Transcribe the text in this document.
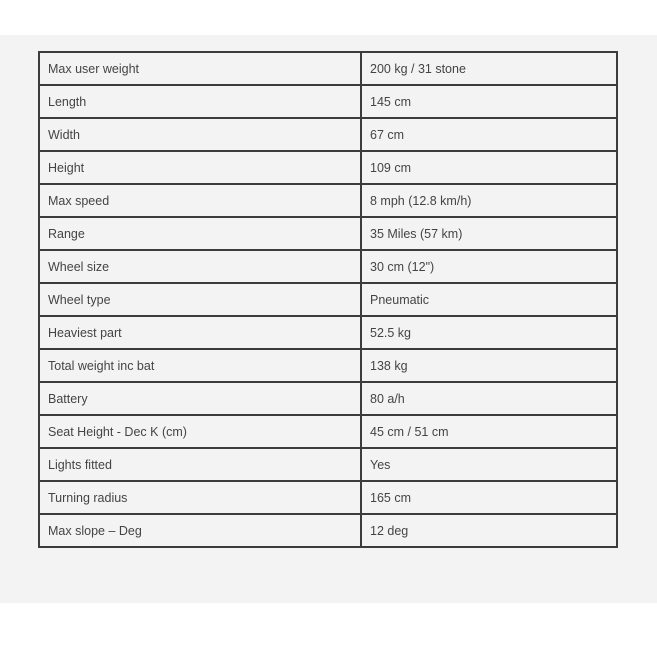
Max user weight	200 kg / 31 stone
Length	145 cm
Width	67 cm
Height	109 cm
Max speed	8 mph (12.8 km/h)
Range	35 Miles (57 km)
Wheel size	30 cm (12")
Wheel type	Pneumatic
Heaviest part	52.5 kg
Total weight inc bat	138 kg
Battery	80 a/h
Seat Height - Dec K (cm)	45 cm / 51 cm
Lights fitted	Yes
Turning radius	165 cm
Max slope – Deg	12 deg
